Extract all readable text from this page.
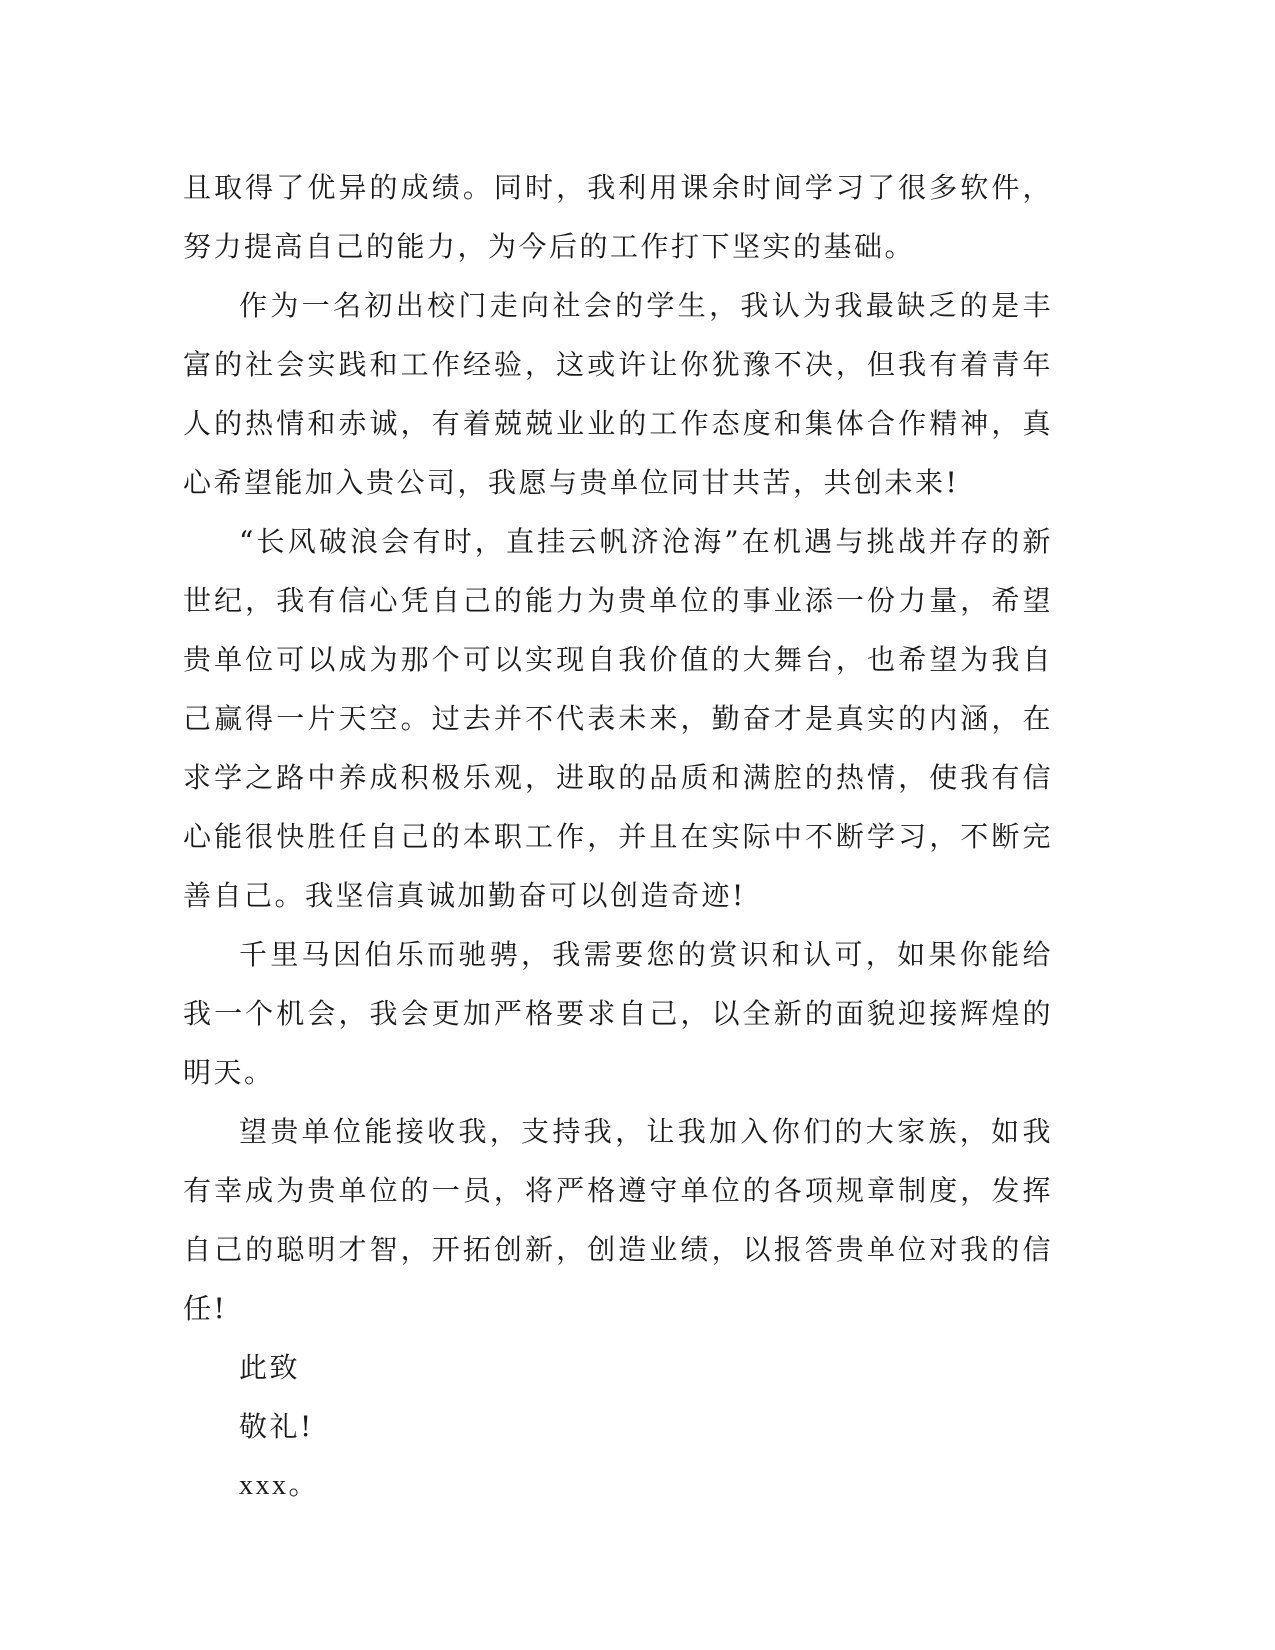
且取得了优异的成绩。同时，我利用课余时间学习了很多软件，努力提高自己的能力，为今后的工作打下坚实的基础。

作为一名初出校门走向社会的学生，我认为我最缺乏的是丰富的社会实践和工作经验，这或许让你犹豫不决，但我有着青年人的热情和赤诚，有着兢兢业业的工作态度和集体合作精神，真心希望能加入贵公司，我愿与贵单位同甘共苦，共创未来!

“长风破浪会有时，直挂云帆济沧海”在机遇与挑战并存的新世纪，我有信心凭自己的能力为贵单位的事业添一份力量，希望贵单位可以成为那个可以实现自我价值的大舞台，也希望为我自己赢得一片天空。过去并不代表未来，勤奋才是真实的内涵，在求学之路中养成积极乐观，进取的品质和满腔的热情，使我有信心能很快胜任自己的本职工作，并且在实际中不断学习，不断完善自己。我坚信真诚加勤奋可以创造奇迹!

千里马因伯乐而驰骋，我需要您的赏识和认可，如果你能给我一个机会，我会更加严格要求自己，以全新的面貌迎接辉煌的明天。

望贵单位能接收我，支持我，让我加入你们的大家族，如我有幸成为贵单位的一员，将严格遵守单位的各项规章制度，发挥自己的聪明才智，开拓创新，创造业绩，以报答贵单位对我的信任!

此致

敬礼!

xxx。
